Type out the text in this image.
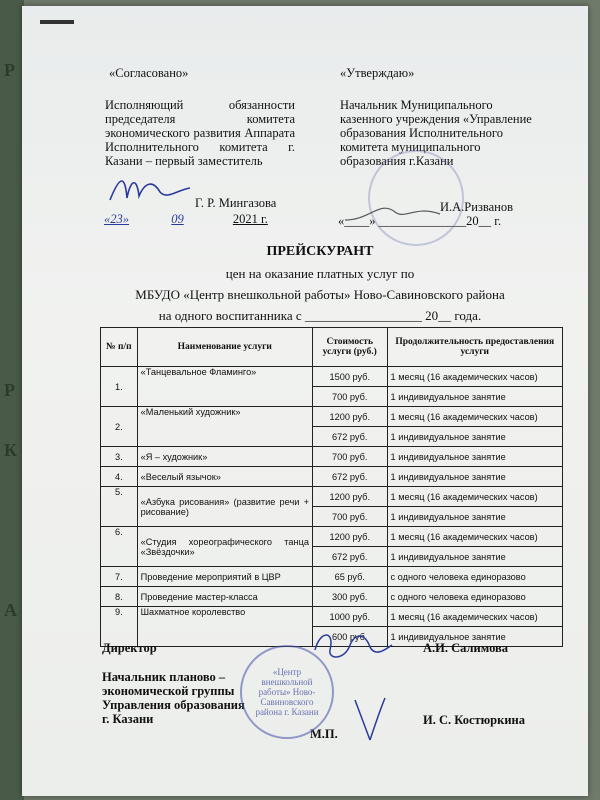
Р
Р
К
А
«Согласовано»
Исполняющий обязанности председателя комитета экономического развития Аппарата Исполнительного комитета г. Казани – первый заместитель
Г. Р. Мингазова
«23»	09	2021 г.
«Утверждаю»
Начальник Муниципального казенного учреждения «Управление образования Исполнительного комитета муниципального образования г.Казани
И.А.Ризванов
«____» ______________20__ г.
ПРЕЙСКУРАНТ
цен на оказание платных услуг по
МБУДО «Центр внешкольной работы» Ново-Савиновского района
на одного воспитанника с __________________ 20__ года.
№ п/п	Наименование услуги	Стоимость услуги (руб.)	Продолжительность предоставления услуги
1.	«Танцевальное Фламинго»	1500 руб.	1 месяц (16 академических часов)
		700 руб.	1 индивидуальное занятие
2.	«Маленький художник»	1200 руб.	1 месяц (16 академических часов)
		672 руб.	1 индивидуальное занятие
3.	«Я – художник»	700 руб.	1 индивидуальное занятие
4.	«Веселый язычок»	672 руб.	1 индивидуальное занятие
5.	«Азбука рисования» (развитие речи + рисование)	1200 руб.	1 месяц (16 академических часов)
		700 руб.	1 индивидуальное занятие
6.	«Студия хореографического танца «Звёздочки»	1200 руб.	1 месяц (16 академических часов)
		672 руб.	1 индивидуальное занятие
7.	Проведение мероприятий в ЦВР	65 руб.	с одного человека единоразово
8.	Проведение мастер-класса	300 руб.	с одного человека единоразово
9.	Шахматное королевство	1000 руб.	1 месяц (16 академических часов)
		600 руб.	1 индивидуальное занятие
Директор	А.И. Салимова
Начальник планово –
экономической группы
Управления образования
г. Казани
М.П.
И. С. Костюркина
«Центр внешкольной работы» Ново-Савиновского района г. Казани
